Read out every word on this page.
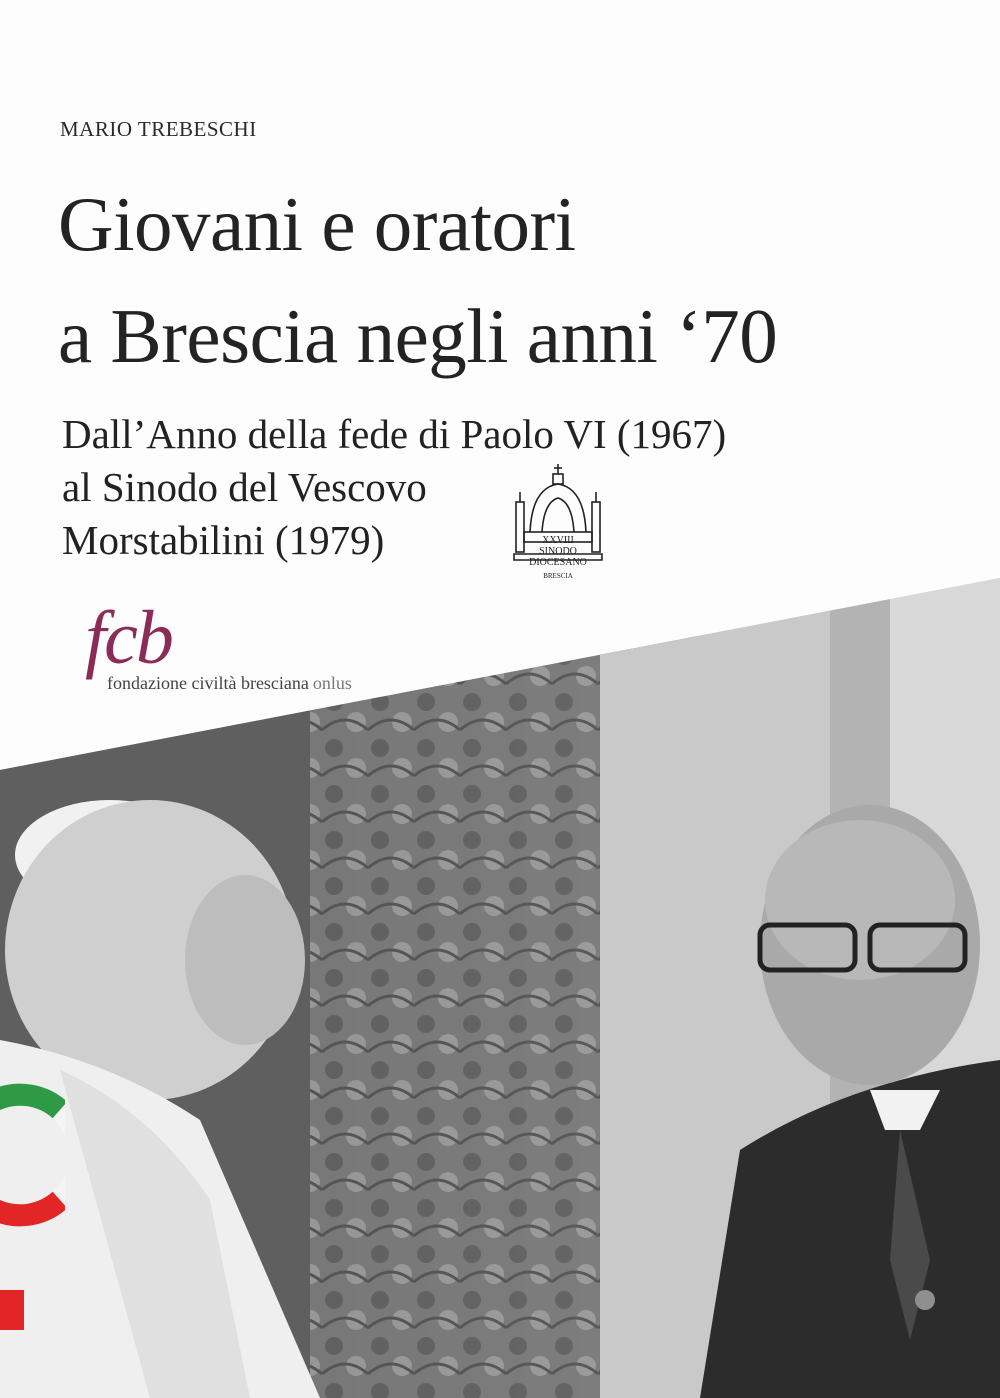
MARIO TREBESCHI
Giovani e oratori
a Brescia negli anni ‘70
Dall’Anno della fede di Paolo VI (1967)
al Sinodo del Vescovo
Morstabilini (1979)	XXVIII
SINODO
DIOCESANO
BRESCIA
fcb
fondazione civiltà bresciana onlus
